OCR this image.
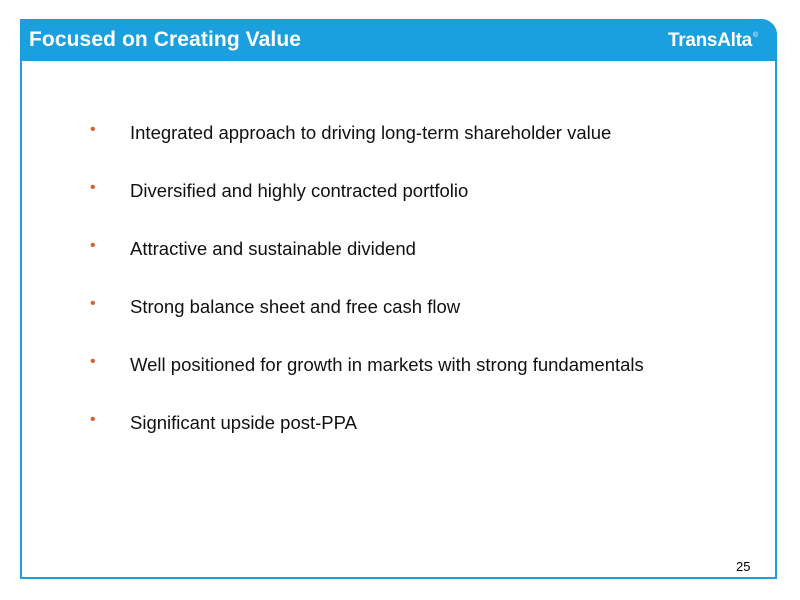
Focused on Creating Value	TransAlta ®
•	Integrated approach to driving long-term shareholder value
•	Diversified and highly contracted portfolio
•	Attractive and sustainable dividend
•	Strong balance sheet and free cash flow
•	Well positioned for growth in markets with strong fundamentals
•	Significant upside post-PPA
25
